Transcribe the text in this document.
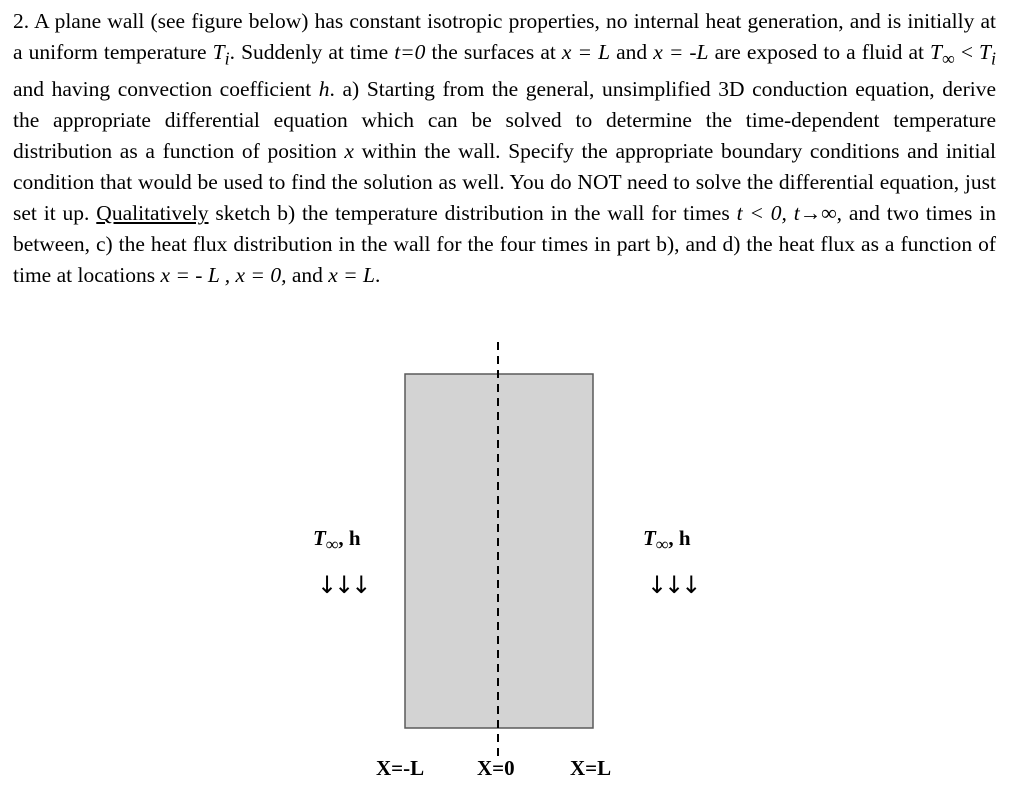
2. A plane wall (see figure below) has constant isotropic properties, no internal heat generation, and is initially at a uniform temperature $T_i$. Suddenly at time t=0 the surfaces at x = L and x = -L are exposed to a fluid at $T_\infty < T_i$ and having convection coefficient h. a) Starting from the general, unsimplified 3D conduction equation, derive the appropriate differential equation which can be solved to determine the time-dependent temperature distribution as a function of position x within the wall. Specify the appropriate boundary conditions and initial condition that would be used to find the solution as well. You do NOT need to solve the differential equation, just set it up. Qualitatively sketch b) the temperature distribution in the wall for times t < 0, t→∞, and two times in between, c) the heat flux distribution in the wall for the four times in part b), and d) the heat flux as a function of time at locations x = - L , x = 0, and x = L.

$T_\infty$, h
↓↓↓
$T_\infty$, h
↓↓↓
X=-L	X=0	X=L
